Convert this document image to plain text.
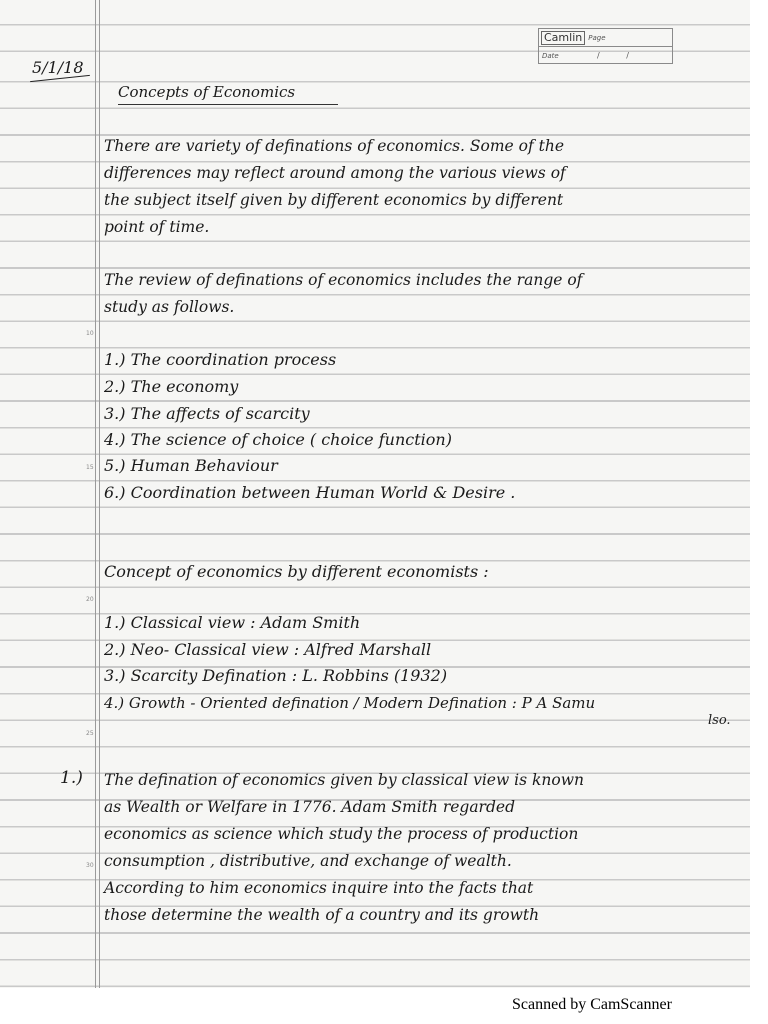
Camlin Page
Date	/ /
5/1/18
Concepts of Economics
There are variety of definations of economics. Some of the
differences may reflect around among the various views of
the subject itself given by different economics by different
point of time.
The review of definations of economics includes the range of
study as follows.
1.) The coordination process
2.) The economy
3.) The affects of scarcity
4.) The science of choice ( choice function)
5.) Human Behaviour
6.) Coordination between Human World & Desire .
Concept of economics by different economists :
1.) Classical view : Adam Smith
2.) Neo- Classical view : Alfred Marshall
3.) Scarcity Defination : L. Robbins (1932)
4.) Growth - Oriented defination / Modern Defination : P A Samu
lso.
1.) The defination of economics given by classical view is known
as Wealth or Welfare in 1776. Adam Smith regarded
economics as science which study the process of production
consumption , distributive, and exchange of wealth.
According to him economics inquire into the facts that
those determine the wealth of a country and its growth
10
15
20
25
30
Scanned by CamScanner
